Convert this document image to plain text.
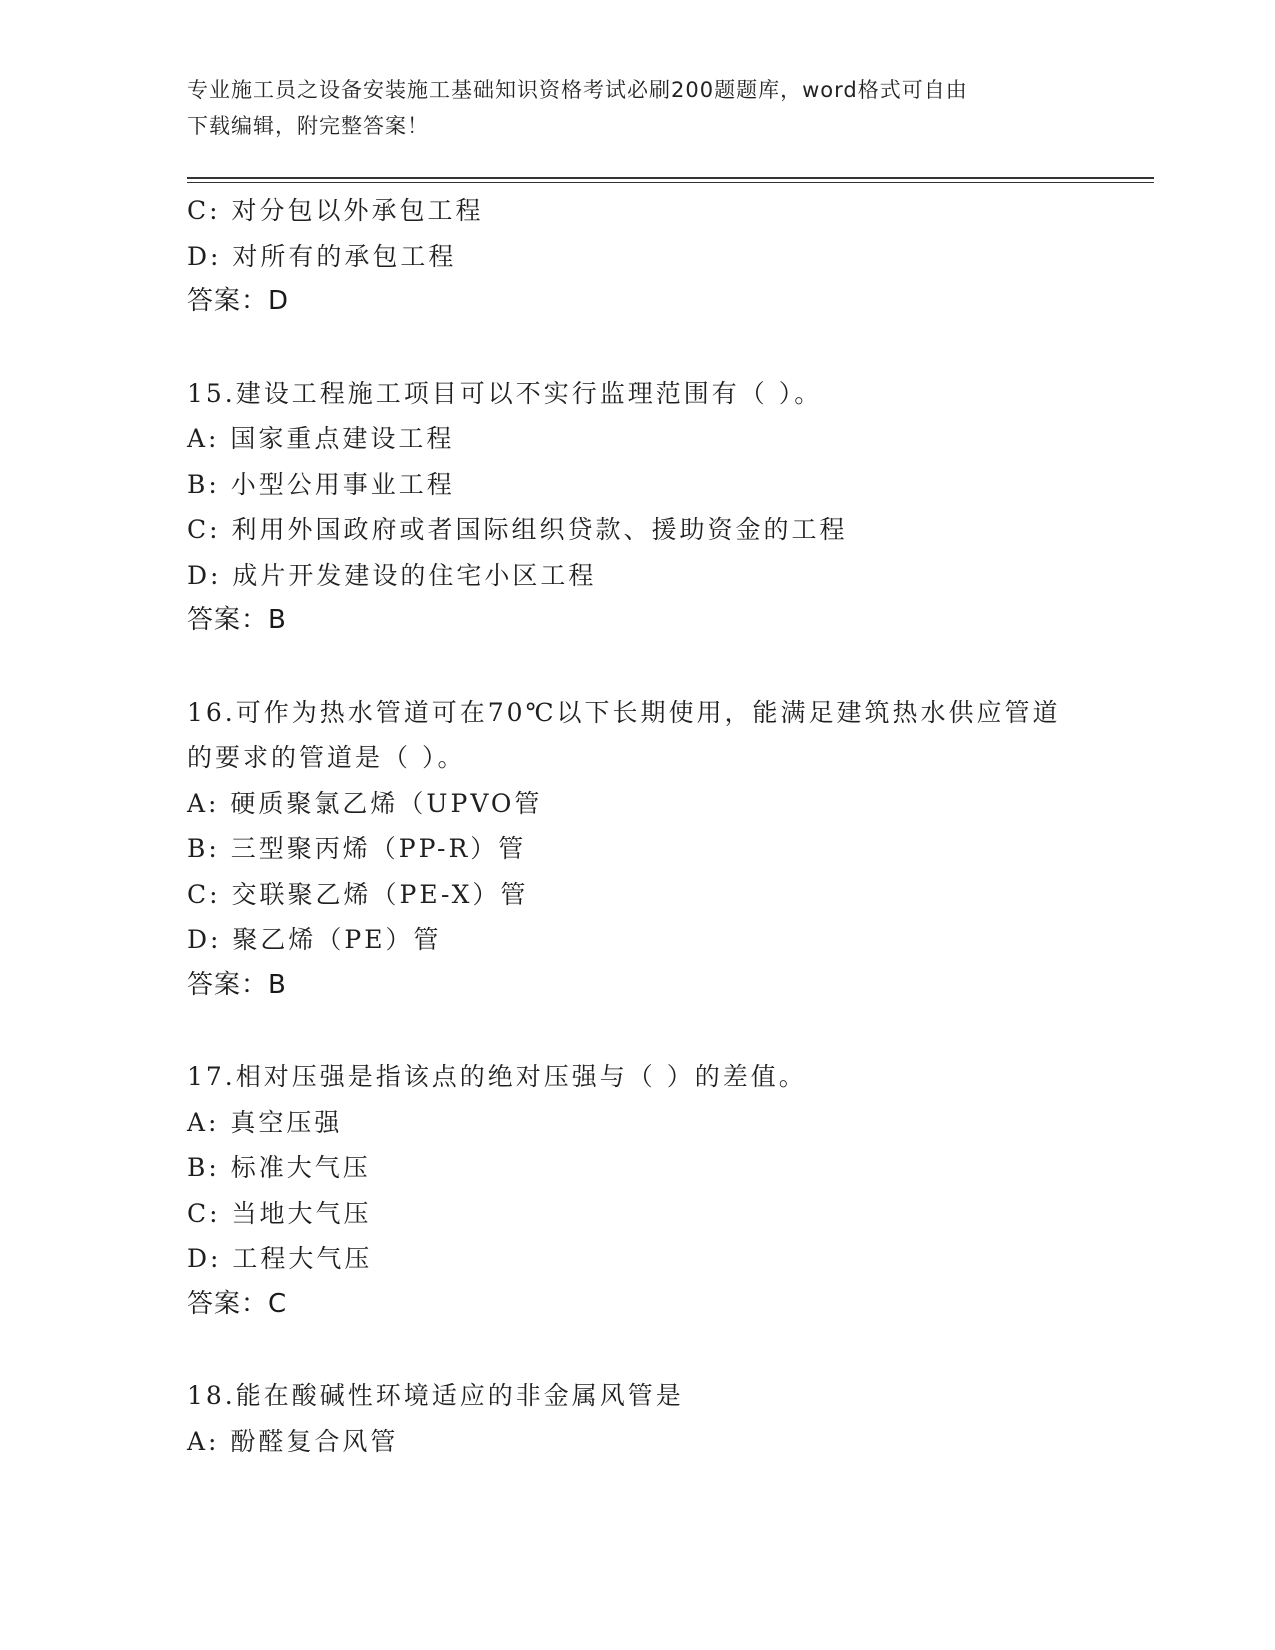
专业施工员之设备安装施工基础知识资格考试必刷200题题库，word格式可自由
下载编辑，附完整答案！
C: 对分包以外承包工程
D: 对所有的承包工程
答案：D
15.建设工程施工项目可以不实行监理范围有（ ）。
A: 国家重点建设工程
B: 小型公用事业工程
C: 利用外国政府或者国际组织贷款、援助资金的工程
D: 成片开发建设的住宅小区工程
答案：B
16.可作为热水管道可在70℃以下长期使用，能满足建筑热水供应管道
的要求的管道是（ ）。
A: 硬质聚氯乙烯（UPVO管
B: 三型聚丙烯（PP-R）管
C: 交联聚乙烯（PE-X）管
D: 聚乙烯（PE）管
答案：B
17.相对压强是指该点的绝对压强与（ ）的差值。
A: 真空压强
B: 标准大气压
C: 当地大气压
D: 工程大气压
答案：C
18.能在酸碱性环境适应的非金属风管是
A: 酚醛复合风管
